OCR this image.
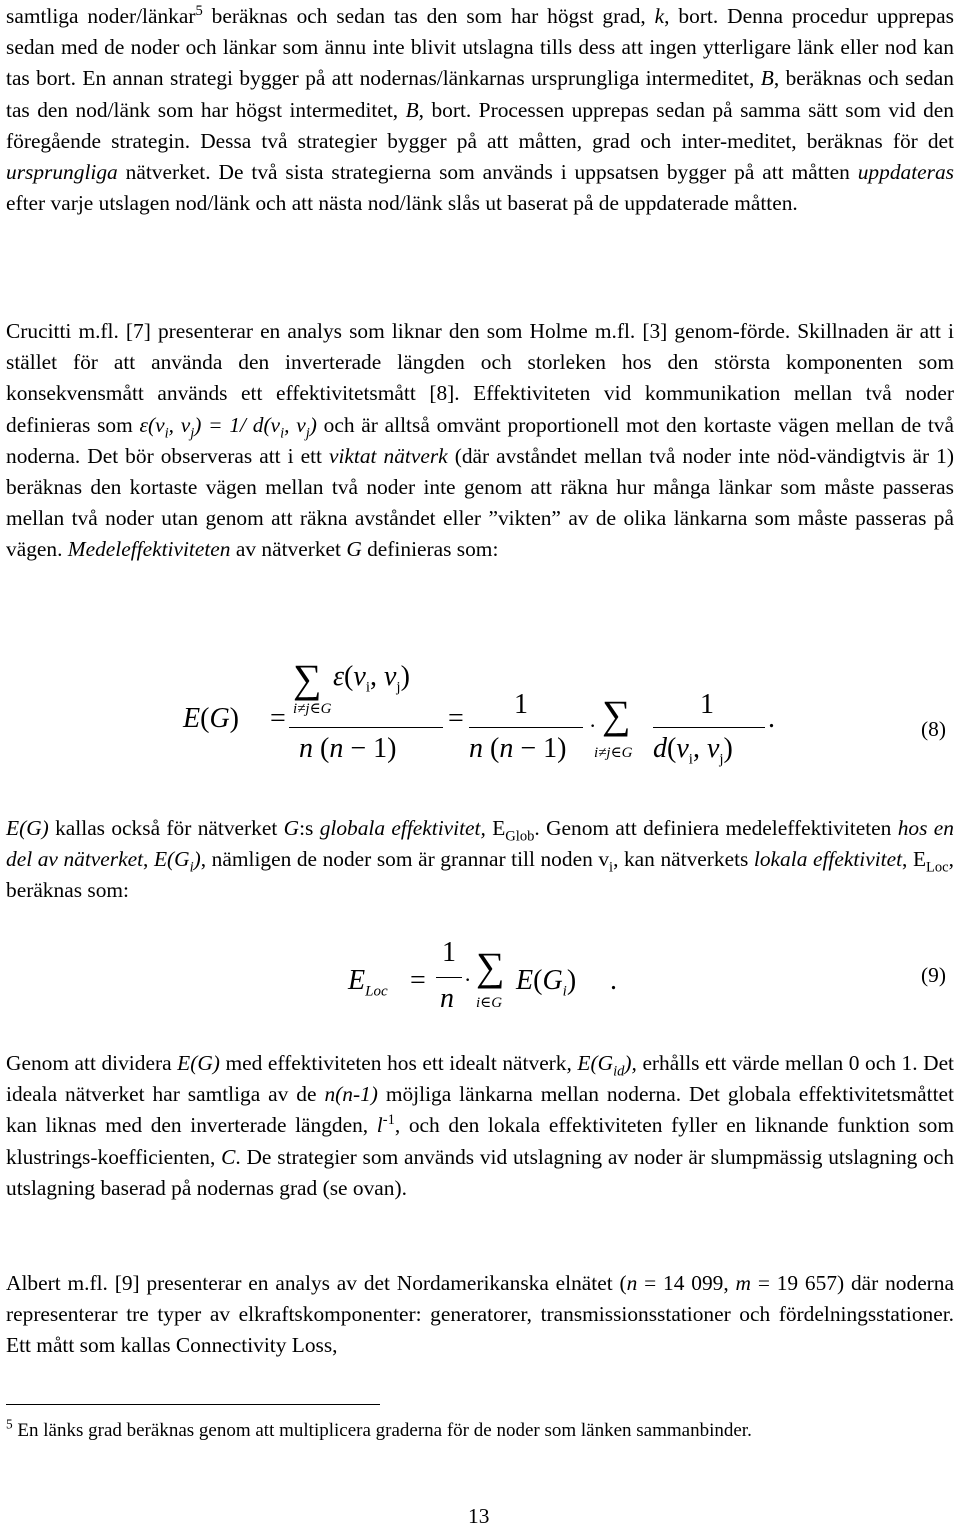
samtliga noder/länkar$^5$ beräknas och sedan tas den som har högst grad, k, bort. Denna procedur upprepas sedan med de noder och länkar som ännu inte blivit utslagna tills dess att ingen ytterligare länk eller nod kan tas bort. En annan strategi bygger på att nodernas/länkarnas ursprungliga intermeditet, B, beräknas och sedan tas den nod/länk som har högst intermeditet, B, bort. Processen upprepas sedan på samma sätt som vid den föregående strategin. Dessa två strategier bygger på att måtten, grad och inter-meditet, beräknas för det ursprungliga nätverket. De två sista strategierna som används i uppsatsen bygger på att måtten uppdateras efter varje utslagen nod/länk och att nästa nod/länk slås ut baserat på de uppdaterade måtten.

Crucitti m.fl. [7] presenterar en analys som liknar den som Holme m.fl. [3] genom-förde. Skillnaden är att i stället för att använda den inverterade längden och storleken hos den största komponenten som konsekvensmått används ett effektivitetsmått [8]. Effektiviteten vid kommunikation mellan två noder definieras som $\varepsilon(v_i$, $v_j) = 1/$ $d(v_i$, $v_j$) och är alltså omvänt proportionell mot den kortaste vägen mellan de två noderna. Det bör observeras att i ett viktat nätverk (där avståndet mellan två noder inte nöd-vändigtvis är 1) beräknas den kortaste vägen mellan två noder inte genom att räkna hur många länkar som måste passeras mellan två noder utan genom att räkna avståndet eller ”vikten” av de olika länkarna som måste passeras på vägen. Medeleffektiviteten av nätverket G definieras som:

E(G) =
∑ $\varepsilon(v_i$, $v_j$)
i≠j∈G
n (n − 1)
= 1
n (n − 1)
· ∑
i≠j∈G
1
$d(v_i$, $v_j$)
.	(8)

E(G) kallas också för nätverket G:s globala effektivitet, $E_{Glob}$. Genom att definiera medeleffektiviteten hos en del av nätverket, $E(G_i)$, nämligen de noder som är grannar till noden $v_i$, kan nätverkets lokala effektivitet, $E_{Loc}$, beräknas som:

$E_{Loc}$ =
1
n
· ∑
i∈G
$E(G_i)$ .	(9)

Genom att dividera E(G) med effektiviteten hos ett idealt nätverk, $E(G_{id})$, erhålls ett värde mellan 0 och 1. Det ideala nätverket har samtliga av de n(n-1) möjliga länkarna mellan noderna. Det globala effektivitetsmåttet kan liknas med den inverterade längden, $l^{-1}$, och den lokala effektiviteten fyller en liknande funktion som klustrings-koefficienten, C. De strategier som används vid utslagning av noder är slumpmässig utslagning och utslagning baserad på nodernas grad (se ovan).

Albert m.fl. [9] presenterar en analys av det Nordamerikanska elnätet (n = 14 099, m = 19 657) där noderna representerar tre typer av elkraftskomponenter: generatorer, transmissionsstationer och fördelningsstationer. Ett mått som kallas Connectivity Loss,

$^5$ En länks grad beräknas genom att multiplicera graderna för de noder som länken sammanbinder.

13
